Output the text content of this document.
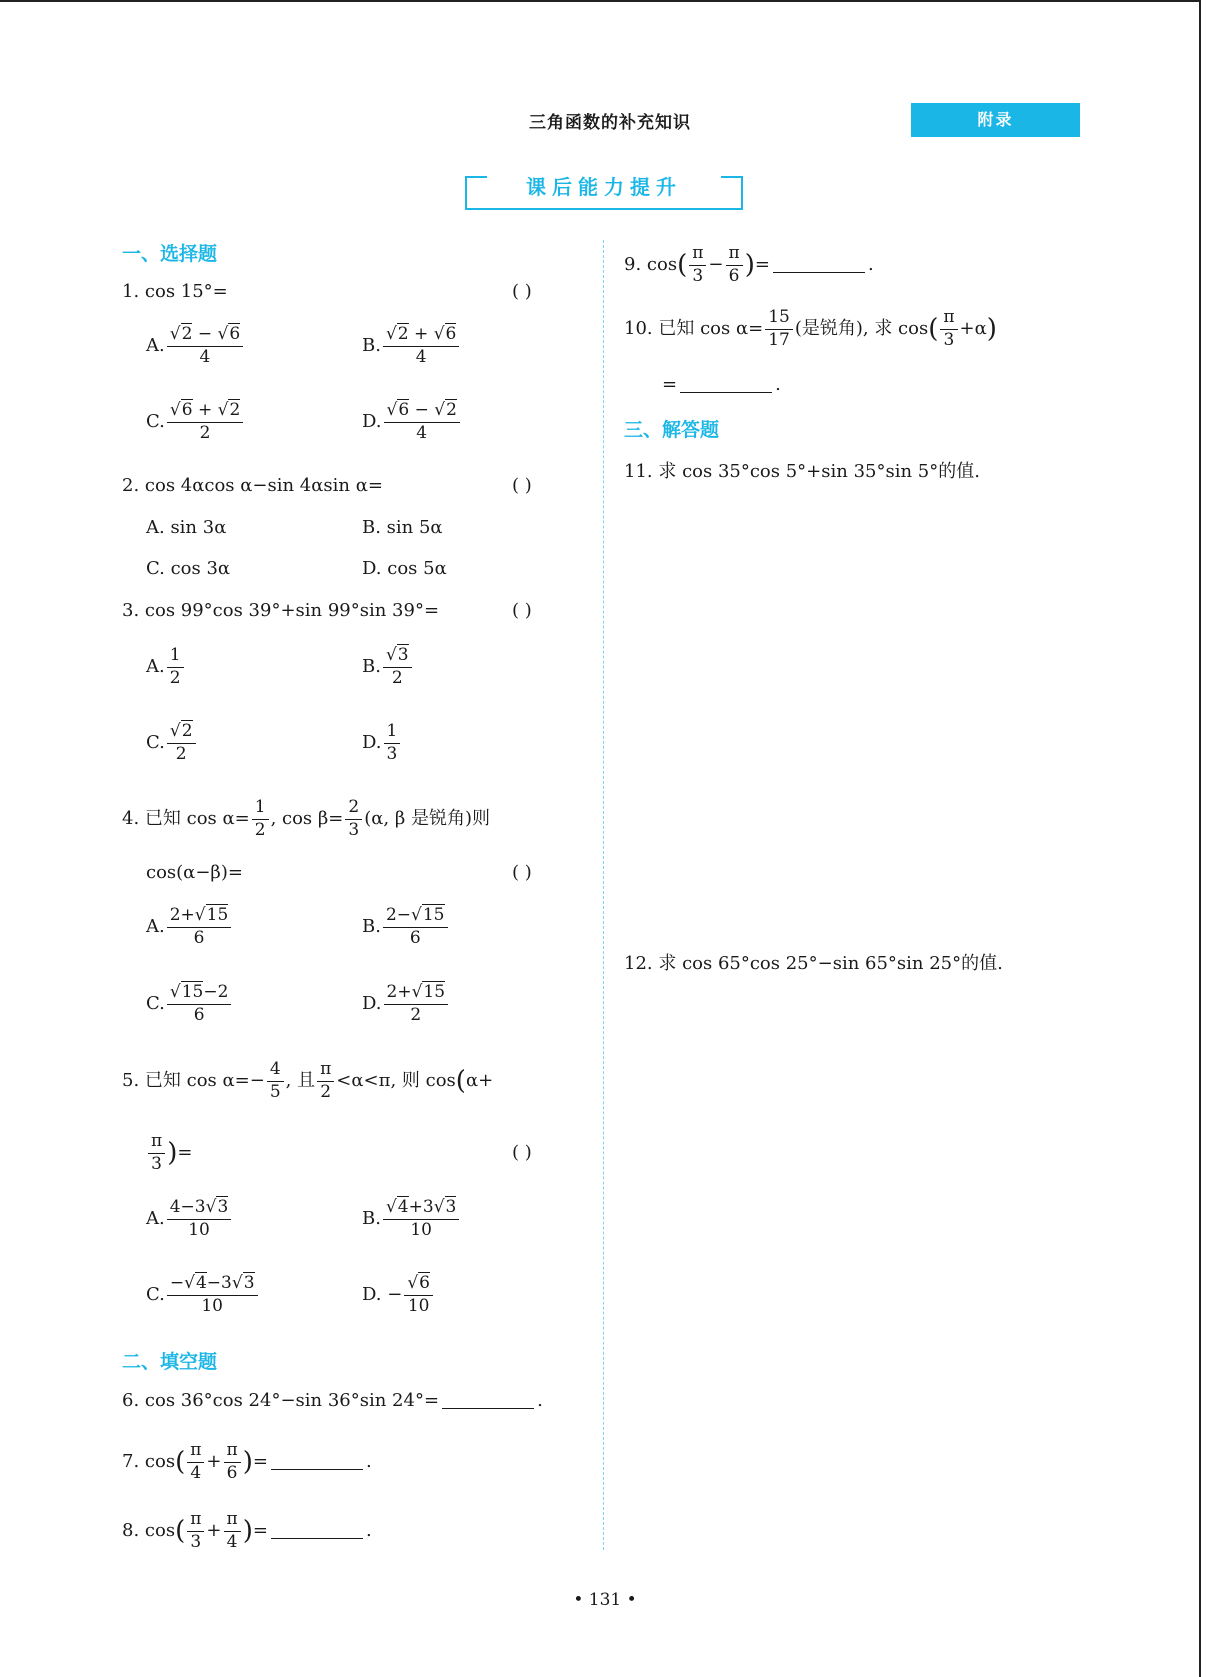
三角函数的补充知识	附录
课后能力提升
一、选择题
1. cos 15°=	( )
A. $\frac{√2 - √6}{4}$	B. $\frac{√2 + √6}{4}$
C. $\frac{√6 + √2}{2}$	D. $\frac{√6 - √2}{4}$
2. cos 4αcos α−sin 4αsin α=	( )
A. sin 3α	B. sin 5α
C. cos 3α	D. cos 5α
3. cos 99°cos 39°+sin 99°sin 39°=	( )
A. $\frac{1}{2}$	B. $\frac{√3}{2}$
C. $\frac{√2}{2}$	D. $\frac{1}{3}$
4. 已知 $\cos \alpha= \frac{1}{2}$ , $\cos \beta= \frac{2}{3} (\alpha$, β 是锐角)则
cos(α−β)=	( )
A. $\frac{2+√15}{6}$	B. $\frac{2-√15}{6}$
C. $\frac{√15-2}{6}$	D. $\frac{2+√15}{2}$
5. 已知 $\cos \alpha=- \frac{4}{5}$ , 且 $\frac{\pi}{2} <\alpha<\pi$, 则 cos(α+
$\frac{\pi}{3}$ )=	( )
A. $\frac{4-3√3}{10}$	B. $\frac{√4+3√3}{10}$
C. $\frac{-√4-3√3}{10}$	D. − $\frac{√6}{10}$
二、填空题
6. cos 36°cos 24°−sin 36°sin 24°=	.
7. $\cos( \frac{\pi}{4} + \frac{\pi}{6}$ )=	.
8. $\cos( \frac{\pi}{3} + \frac{\pi}{4}$ )=	.
9. $\cos( \frac{\pi}{3} - \frac{\pi}{6}$ )=	.
10. 已知 $\cos \alpha= \frac{15}{17}$ (是锐角), 求 $\cos( \frac{\pi}{3} +\alpha)$
=	.
三、解答题
11. 求 cos 35°cos 5°+sin 35°sin 5°的值.
12. 求 cos 65°cos 25°−sin 65°sin 25°的值.
• 131 •
